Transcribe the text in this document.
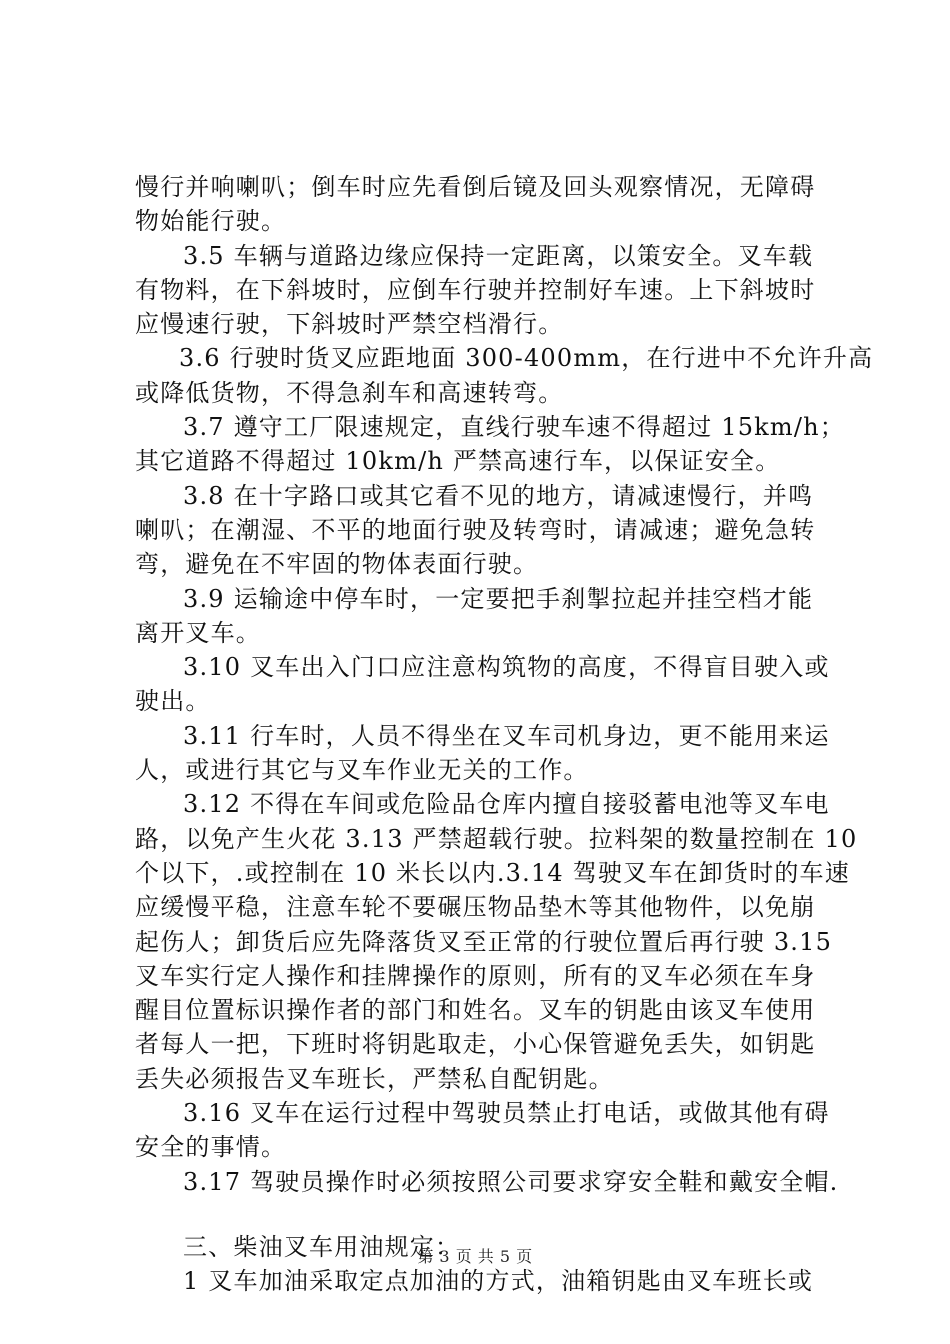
慢行并响喇叭；倒车时应先看倒后镜及回头观察情况，无障碍
物始能行驶。
3.5 车辆与道路边缘应保持一定距离，以策安全。叉车载
有物料，在下斜坡时，应倒车行驶并控制好车速。上下斜坡时
应慢速行驶，下斜坡时严禁空档滑行。
3.6 行驶时货叉应距地面 300-400mm，在行进中不允许升高
或降低货物，不得急刹车和高速转弯。
3.7 遵守工厂限速规定，直线行驶车速不得超过 15km/h；
其它道路不得超过 10km/h 严禁高速行车，以保证安全。
3.8 在十字路口或其它看不见的地方，请减速慢行，并鸣
喇叭；在潮湿、不平的地面行驶及转弯时，请减速；避免急转
弯，避免在不牢固的物体表面行驶。
3.9 运输途中停车时，一定要把手刹掣拉起并挂空档才能
离开叉车。
3.10 叉车出入门口应注意构筑物的高度，不得盲目驶入或
驶出。
3.11 行车时，人员不得坐在叉车司机身边，更不能用来运
人，或进行其它与叉车作业无关的工作。
3.12 不得在车间或危险品仓库内擅自接驳蓄电池等叉车电
路，以免产生火花 3.13 严禁超载行驶。拉料架的数量控制在 10
个以下，.或控制在 10 米长以内.3.14 驾驶叉车在卸货时的车速
应缓慢平稳，注意车轮不要碾压物品垫木等其他物件，以免崩
起伤人；卸货后应先降落货叉至正常的行驶位置后再行驶 3.15
叉车实行定人操作和挂牌操作的原则，所有的叉车必须在车身
醒目位置标识操作者的部门和姓名。叉车的钥匙由该叉车使用
者每人一把，下班时将钥匙取走，小心保管避免丢失，如钥匙
丢失必须报告叉车班长，严禁私自配钥匙。
3.16 叉车在运行过程中驾驶员禁止打电话，或做其他有碍
安全的事情。
3.17 驾驶员操作时必须按照公司要求穿安全鞋和戴安全帽.
三、柴油叉车用油规定：
1 叉车加油采取定点加油的方式，油箱钥匙由叉车班长或
第 3 页 共 5 页
